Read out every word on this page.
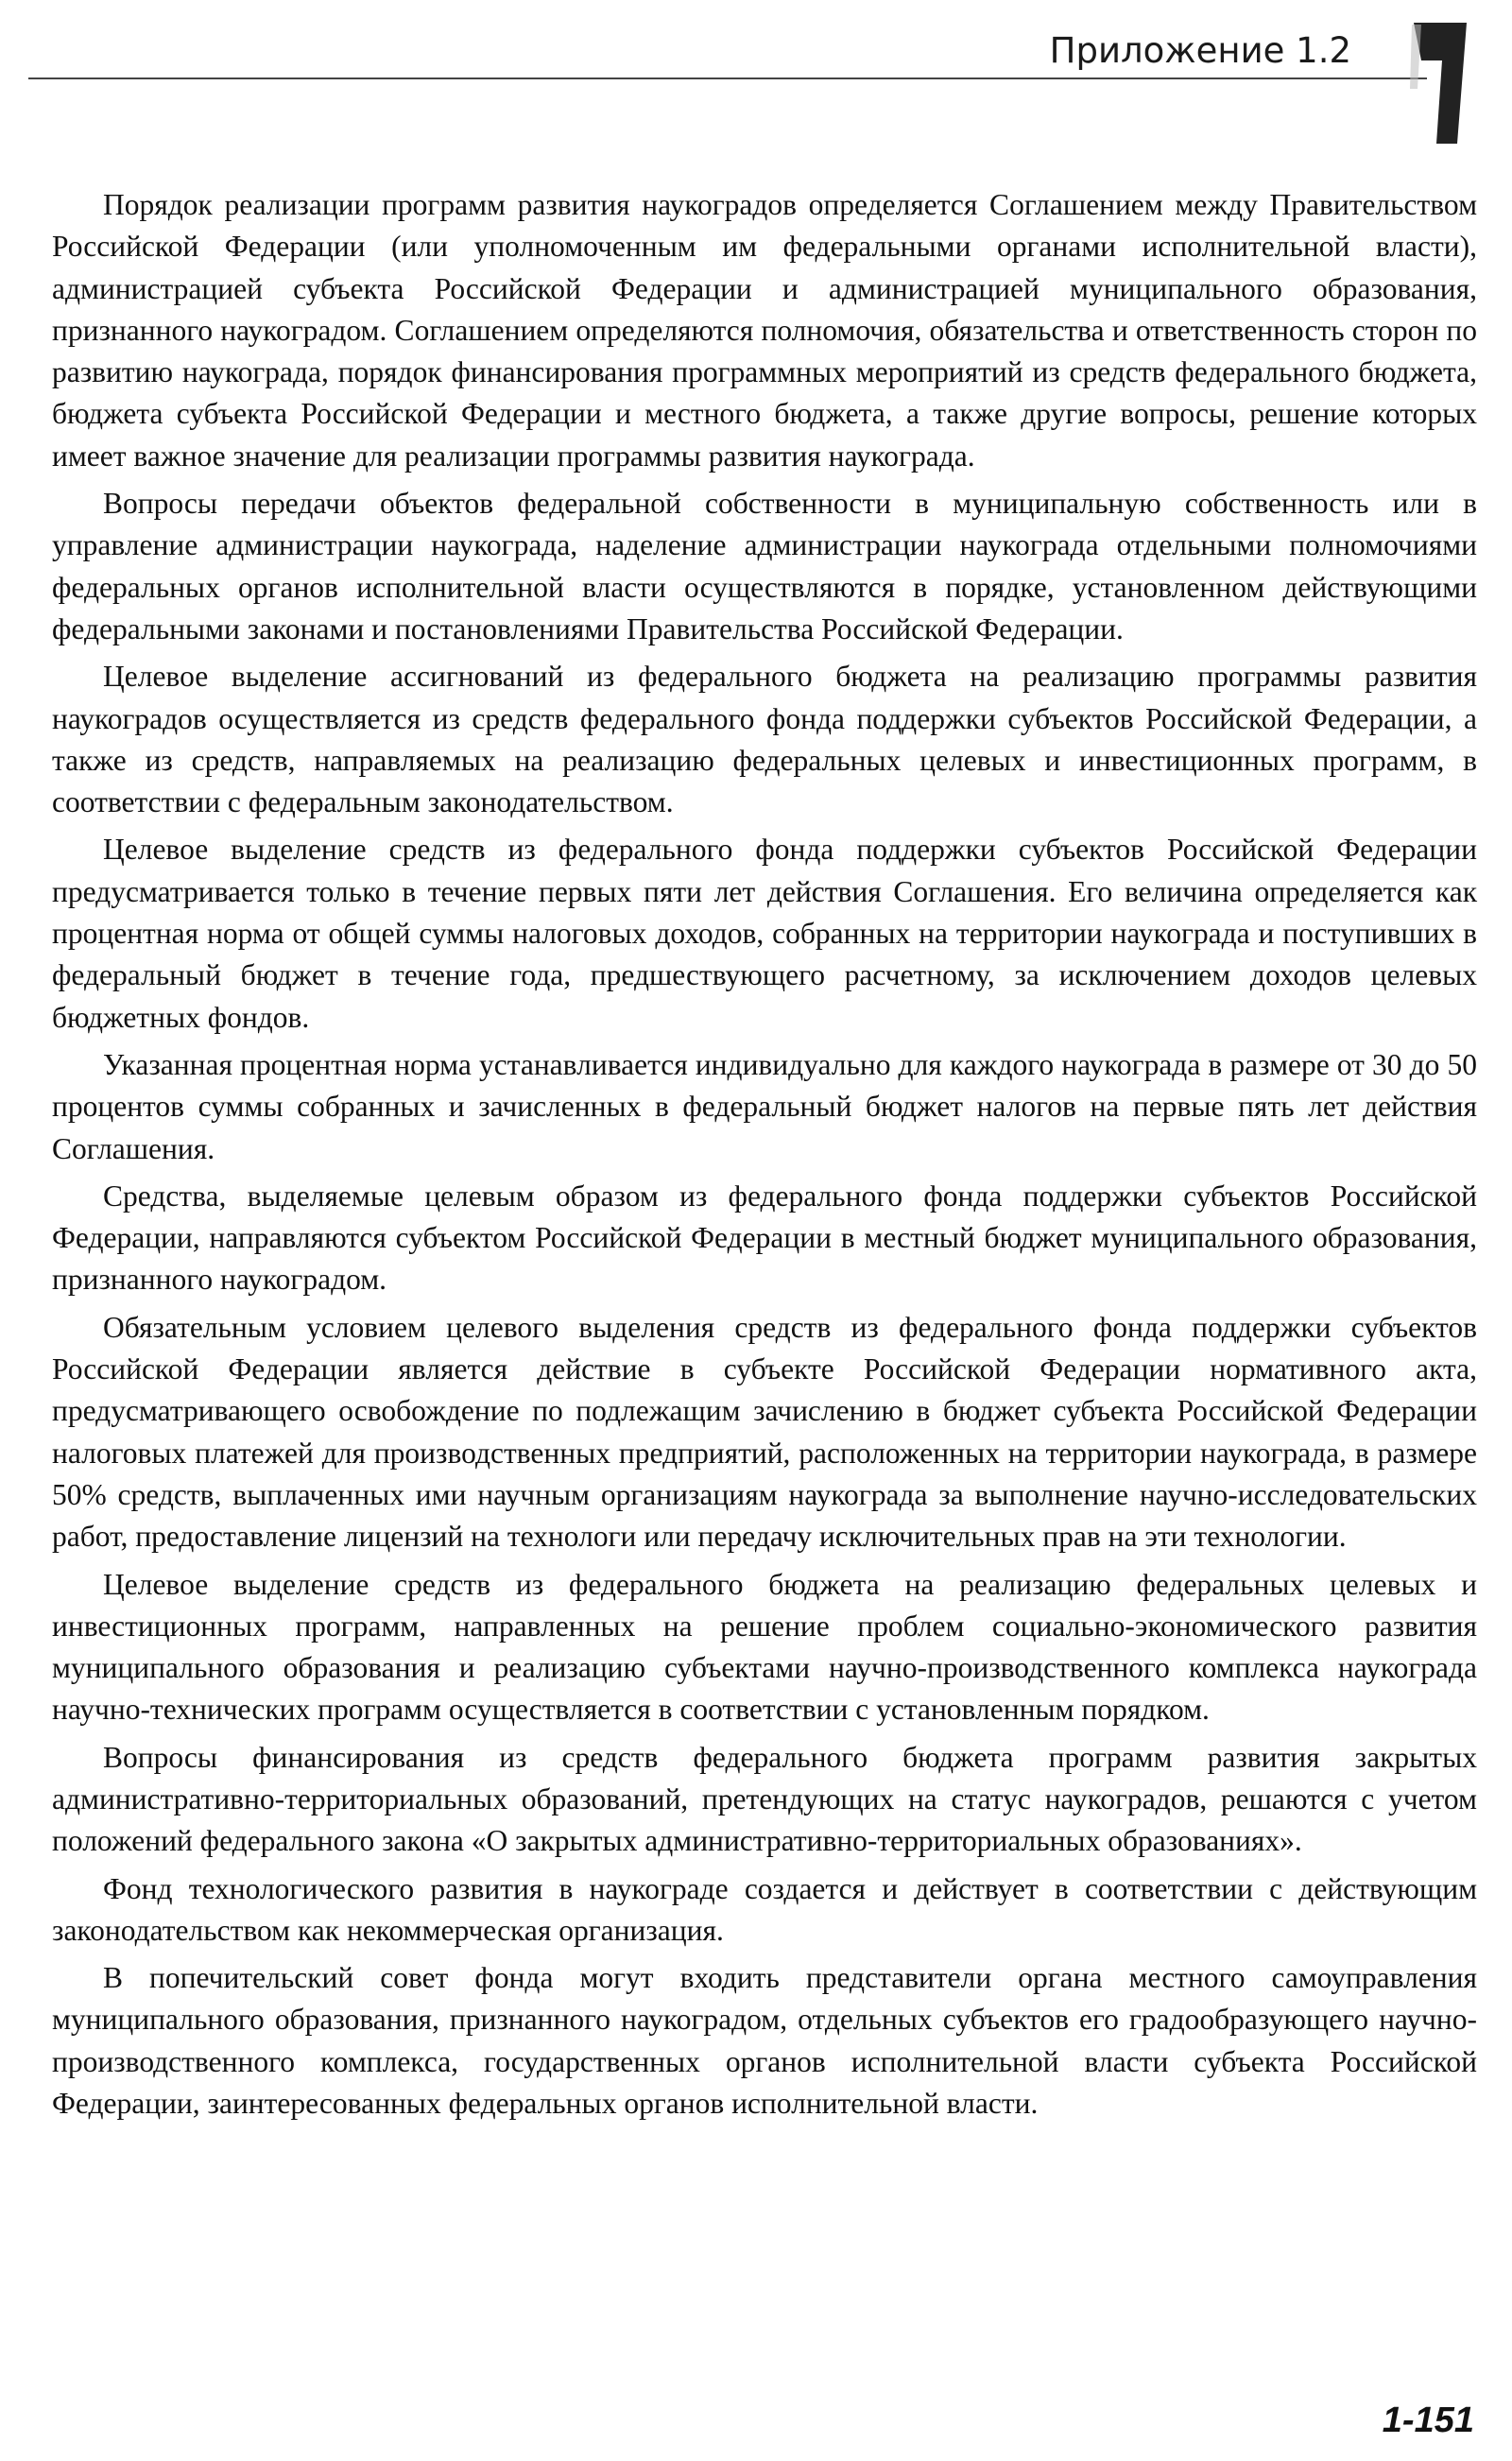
Приложение 1.2

Порядок реализации программ развития наукоградов определяется Соглашением между Правительством Российской Федерации (или уполномоченным им федеральными органами исполнительной власти), администрацией субъекта Российской Федерации и администрацией муниципального образования, признанного наукоградом. Соглашением определяются полномочия, обязательства и ответственность сторон по развитию наукограда, порядок финансирования программных мероприятий из средств федерального бюджета, бюджета субъекта Российской Федерации и местного бюджета, а также другие вопросы, решение которых имеет важное значение для реализации программы развития наукограда.

Вопросы передачи объектов федеральной собственности в муниципальную собственность или в управление администрации наукограда, наделение администрации наукограда отдельными полномочиями федеральных органов исполнительной власти осуществляются в порядке, установленном действующими федеральными законами и постановлениями Правительства Российской Федерации.

Целевое выделение ассигнований из федерального бюджета на реализацию программы развития наукоградов осуществляется из средств федерального фонда поддержки субъектов Российской Федерации, а также из средств, направляемых на реализацию федеральных целевых и инвестиционных программ, в соответствии с федеральным законодательством.

Целевое выделение средств из федерального фонда поддержки субъектов Российской Федерации предусматривается только в течение первых пяти лет действия Соглашения. Его величина определяется как процентная норма от общей суммы налоговых доходов, собранных на территории наукограда и поступивших в федеральный бюджет в течение года, предшествующего расчетному, за исключением доходов целевых бюджетных фондов.

Указанная процентная норма устанавливается индивидуально для каждого наукограда в размере от 30 до 50 процентов суммы собранных и зачисленных в федеральный бюджет налогов на первые пять лет действия Соглашения.

Средства, выделяемые целевым образом из федерального фонда поддержки субъектов Российской Федерации, направляются субъектом Российской Федерации в местный бюджет муниципального образования, признанного наукоградом.

Обязательным условием целевого выделения средств из федерального фонда поддержки субъектов Российской Федерации является действие в субъекте Российской Федерации нормативного акта, предусматривающего освобождение по подлежащим зачислению в бюджет субъекта Российской Федерации налоговых платежей для производственных предприятий, расположенных на территории наукограда, в размере 50% средств, выплаченных ими научным организациям наукограда за выполнение научно-исследовательских работ, предоставление лицензий на технологи или передачу исключительных прав на эти технологии.

Целевое выделение средств из федерального бюджета на реализацию федеральных целевых и инвестиционных программ, направленных на решение проблем социально-экономического развития муниципального образования и реализацию субъектами научно-производственного комплекса наукограда научно-технических программ осуществляется в соответствии с установленным порядком.

Вопросы финансирования из средств федерального бюджета программ развития закрытых административно-территориальных образований, претендующих на статус наукоградов, решаются с учетом положений федерального закона «О закрытых административно-территориальных образованиях».

Фонд технологического развития в наукограде создается и действует в соответствии с действующим законодательством как некоммерческая организация.

В попечительский совет фонда могут входить представители органа местного самоуправления муниципального образования, признанного наукоградом, отдельных субъектов его градообразующего научно-производственного комплекса, государственных органов исполнительной власти субъекта Российской Федерации, заинтересованных федеральных органов исполнительной власти.

1-151
